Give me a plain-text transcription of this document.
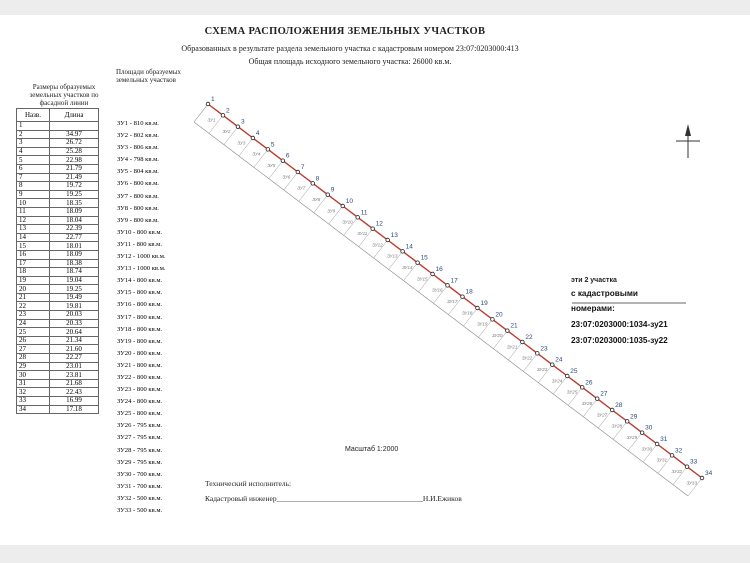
СХЕМА РАСПОЛОЖЕНИЯ ЗЕМЕЛЬНЫХ УЧАСТКОВ
Образованных в результате раздела земельного участка с кадастровым номером 23:07:0203000:413
Общая площадь исходного земельного участка: 26000 кв.м.
Размеры образуемых земельных участков по фасадной линии
Назв.	Длина
1	
2	34.97
3	26.72
4	25.28
5	22.98
6	21.79
7	21.49
8	19.72
9	19.25
10	18.35
11	18.09
12	18.04
13	22.39
14	22.77
15	18.01
16	18.09
17	18.38
18	18.74
19	19.04
20	19.25
21	19.49
22	19.81
23	20.03
24	20.33
25	20.64
26	21.34
27	21.60
28	22.27
29	23.01
30	23.81
31	21.68
32	22.43
33	16.99
34	17.18
Площади образуемых земельных участков
ЗУ1 - 810 кв.м.
ЗУ2 - 802 кв.м.
ЗУ3 - 806 кв.м.
ЗУ4 - 798 кв.м.
ЗУ5 - 804 кв.м.
ЗУ6 - 800 кв.м.
ЗУ7 - 800 кв.м.
ЗУ8 - 800 кв.м.
ЗУ9 - 800 кв.м.
ЗУ10 - 800 кв.м.
ЗУ11 - 800 кв.м.
ЗУ12 - 1000 кв.м.
ЗУ13 - 1000 кв.м.
ЗУ14 - 800 кв.м.
ЗУ15 - 800 кв.м.
ЗУ16 - 800 кв.м.
ЗУ17 - 800 кв.м.
ЗУ18 - 800 кв.м.
ЗУ19 - 800 кв.м.
ЗУ20 - 800 кв.м.
ЗУ21 - 800 кв.м.
ЗУ22 - 800 кв.м.
ЗУ23 - 800 кв.м.
ЗУ24 - 800 кв.м.
ЗУ25 - 800 кв.м.
ЗУ26 - 795 кв.м.
ЗУ27 - 795 кв.м.
ЗУ28 - 795 кв.м.
ЗУ29 - 795 кв.м.
ЗУ30 - 700 кв.м.
ЗУ31 - 700 кв.м.
ЗУ32 - 500 кв.м.
ЗУ33 - 500 кв.м.
ЗУ1
ЗУ2
ЗУ3
ЗУ4
ЗУ5
ЗУ6
ЗУ7
ЗУ8
ЗУ9
ЗУ10
ЗУ11
ЗУ12
ЗУ13
ЗУ14
ЗУ15
ЗУ16
ЗУ17
ЗУ18
ЗУ19
ЗУ20
ЗУ21
ЗУ22
ЗУ23
ЗУ24
ЗУ25
ЗУ26
ЗУ27
ЗУ28
ЗУ29
ЗУ30
ЗУ31
ЗУ32
ЗУ33
1
2
3
4
5
6
7
8
9
10
11
12
13
14
15
16
17
18
19
20
21
22
23
24
25
26
27
28
29
30
31
32
33
34
Масштаб 1:2000
эти 2 участка
с кадастровыми
номерами:
23:07:0203000:1034-зу21
23:07:0203000:1035-зу22
Технический исполнитель:
Кадастровый инженер_______________________________________Н.И.Ежиков
